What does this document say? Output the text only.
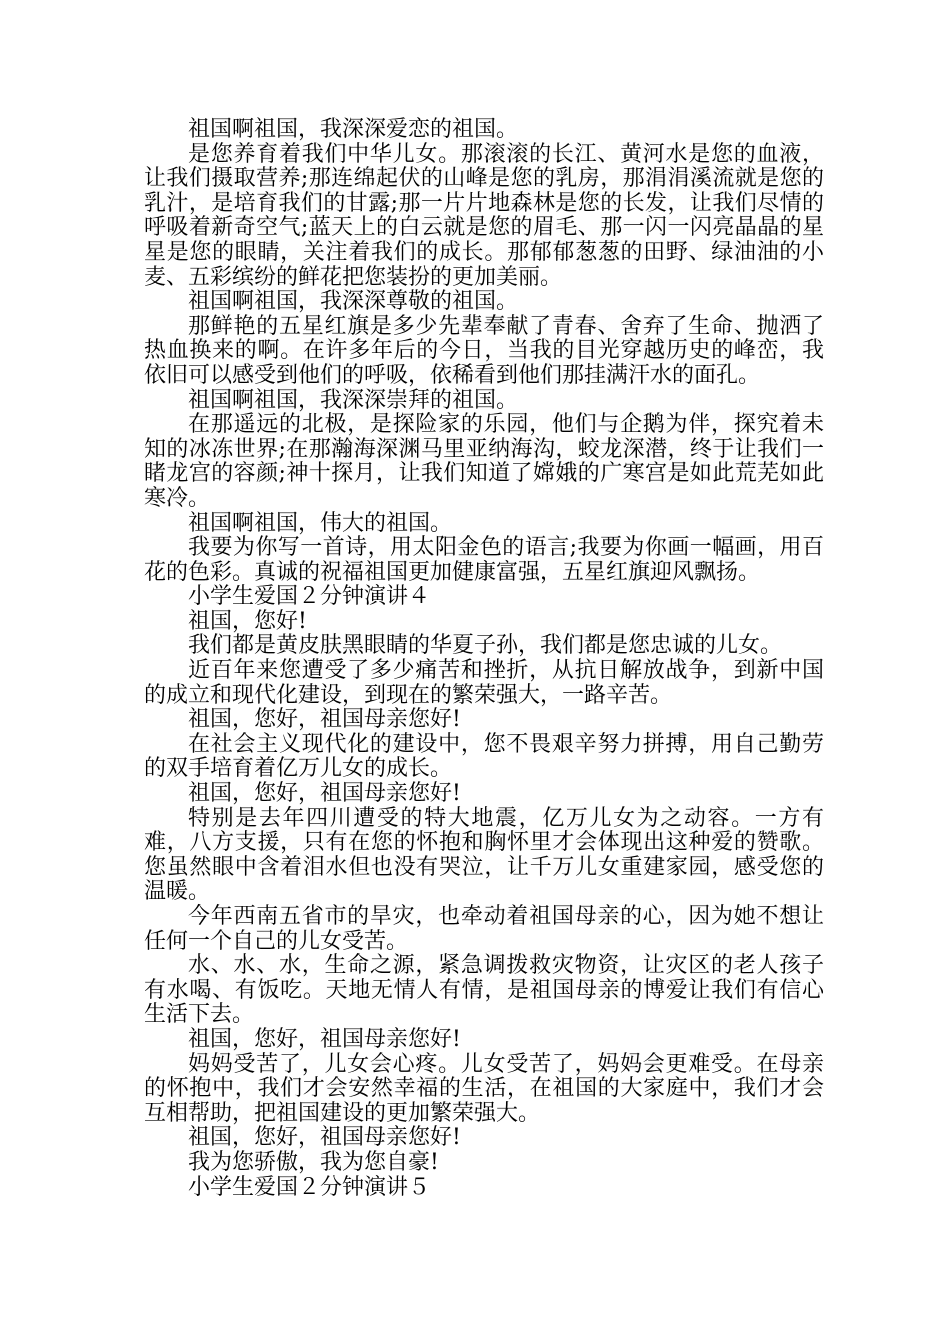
祖国啊祖国，我深深爱恋的祖国。

是您养育着我们中华儿女。那滚滚的长江、黄河水是您的血液，让我们摄取营养;那连绵起伏的山峰是您的乳房，那涓涓溪流就是您的乳汁，是培育我们的甘露;那一片片地森林是您的长发，让我们尽情的呼吸着新奇空气;蓝天上的白云就是您的眉毛、那一闪一闪亮晶晶的星星是您的眼睛，关注着我们的成长。那郁郁葱葱的田野、绿油油的小麦、五彩缤纷的鲜花把您装扮的更加美丽。

祖国啊祖国，我深深尊敬的祖国。

那鲜艳的五星红旗是多少先辈奉献了青春、舍弃了生命、抛洒了热血换来的啊。在许多年后的今日，当我的目光穿越历史的峰峦，我依旧可以感受到他们的呼吸，依稀看到他们那挂满汗水的面孔。

祖国啊祖国，我深深崇拜的祖国。

在那遥远的北极，是探险家的乐园，他们与企鹅为伴，探究着未知的冰冻世界;在那瀚海深渊马里亚纳海沟，蛟龙深潜，终于让我们一睹龙宫的容颜;神十探月，让我们知道了嫦娥的广寒宫是如此荒芜如此寒冷。

祖国啊祖国，伟大的祖国。

我要为你写一首诗，用太阳金色的语言;我要为你画一幅画，用百花的色彩。真诚的祝福祖国更加健康富强，五星红旗迎风飘扬。

小学生爱国２分钟演讲４

祖国，您好!

我们都是黄皮肤黑眼睛的华夏子孙，我们都是您忠诚的儿女。

近百年来您遭受了多少痛苦和挫折，从抗日解放战争，到新中国的成立和现代化建设，到现在的繁荣强大，一路辛苦。

祖国，您好，祖国母亲您好!

在社会主义现代化的建设中，您不畏艰辛努力拼搏，用自己勤劳的双手培育着亿万儿女的成长。

祖国，您好，祖国母亲您好!

特别是去年四川遭受的特大地震，亿万儿女为之动容。一方有难，八方支援，只有在您的怀抱和胸怀里才会体现出这种爱的赞歌。您虽然眼中含着泪水但也没有哭泣，让千万儿女重建家园，感受您的温暖。

今年西南五省市的旱灾，也牵动着祖国母亲的心，因为她不想让任何一个自己的儿女受苦。

水、水、水，生命之源，紧急调拨救灾物资，让灾区的老人孩子有水喝、有饭吃。天地无情人有情，是祖国母亲的博爱让我们有信心生活下去。

祖国，您好，祖国母亲您好!

妈妈受苦了，儿女会心疼。儿女受苦了，妈妈会更难受。在母亲的怀抱中，我们才会安然幸福的生活，在祖国的大家庭中，我们才会互相帮助，把祖国建设的更加繁荣强大。

祖国，您好，祖国母亲您好!

我为您骄傲，我为您自豪!

小学生爱国２分钟演讲５
